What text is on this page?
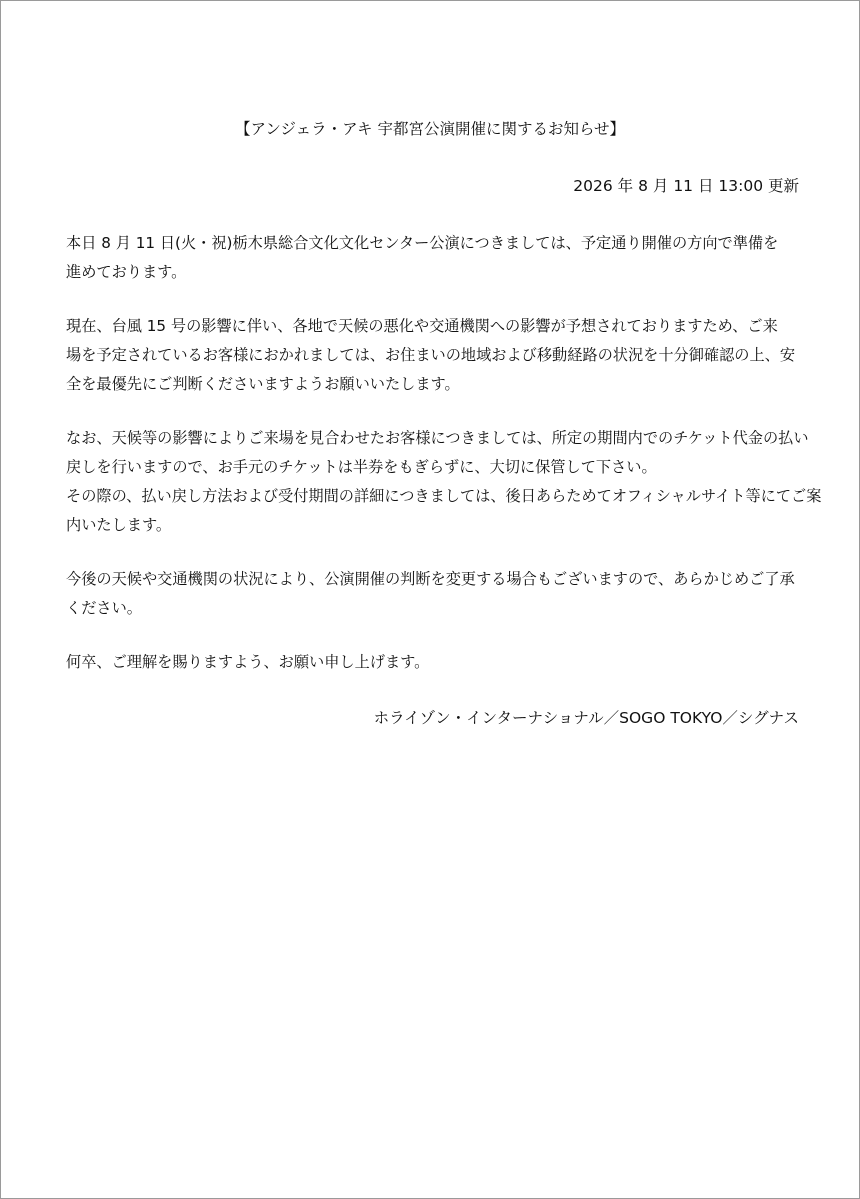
【アンジェラ・アキ 宇都宮公演開催に関するお知らせ】
2026 年 8 月 11 日 13:00 更新

本日 8 月 11 日(火・祝)栃木県総合文化文化センター公演につきましては、予定通り開催の方向で準備を
進めております。

現在、台風 15 号の影響に伴い、各地で天候の悪化や交通機関への影響が予想されておりますため、ご来
場を予定されているお客様におかれましては、お住まいの地域および移動経路の状況を十分御確認の上、安
全を最優先にご判断くださいますようお願いいたします。

なお、天候等の影響によりご来場を見合わせたお客様につきましては、所定の期間内でのチケット代金の払い
戻しを行いますので、お手元のチケットは半券をもぎらずに、大切に保管して下さい。
その際の、払い戻し方法および受付期間の詳細につきましては、後日あらためてオフィシャルサイト等にてご案
内いたします。

今後の天候や交通機関の状況により、公演開催の判断を変更する場合もございますので、あらかじめご了承
ください。

何卒、ご理解を賜りますよう、お願い申し上げます。

ホライゾン・インターナショナル／SOGO TOKYO／シグナス
